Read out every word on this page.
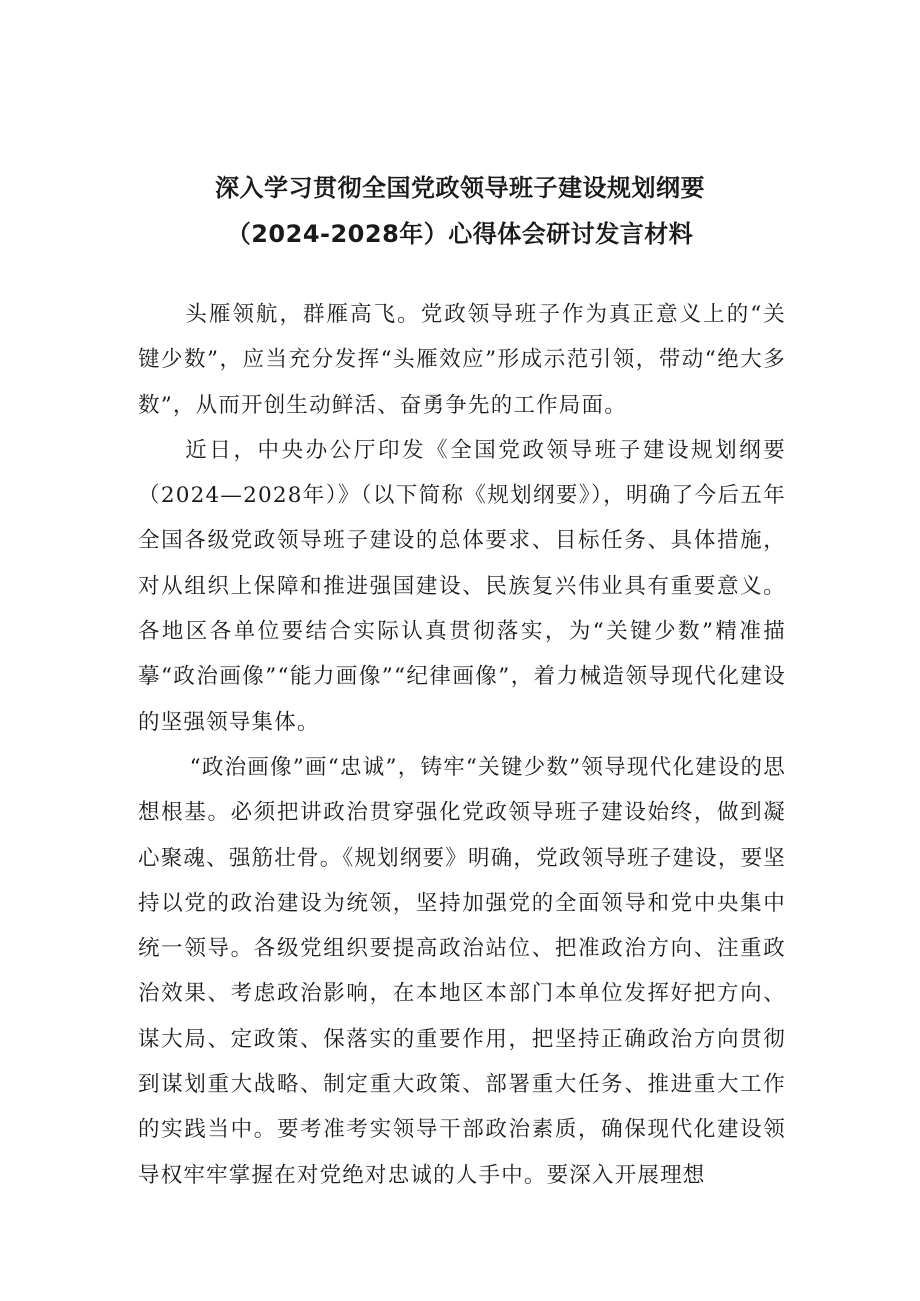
深入学习贯彻全国党政领导班子建设规划纲要
（2024-2028年）心得体会研讨发言材料

头雁领航，群雁高飞。党政领导班子作为真正意义上的“关键少数”，应当充分发挥“头雁效应”形成示范引领，带动“绝大多数”，从而开创生动鲜活、奋勇争先的工作局面。

近日，中央办公厅印发《全国党政领导班子建设规划纲要（2024—2028年）》（以下简称《规划纲要》），明确了今后五年全国各级党政领导班子建设的总体要求、目标任务、具体措施，对从组织上保障和推进强国建设、民族复兴伟业具有重要意义。各地区各单位要结合实际认真贯彻落实，为“关键少数”精准描摹“政治画像”“能力画像”“纪律画像”，着力械造领导现代化建设的坚强领导集体。

“政治画像”画“忠诚”，铸牢“关键少数”领导现代化建设的思想根基。必须把讲政治贯穿强化党政领导班子建设始终，做到凝心聚魂、强筋壮骨。《规划纲要》明确，党政领导班子建设，要坚持以党的政治建设为统领，坚持加强党的全面领导和党中央集中统一领导。各级党组织要提高政治站位、把准政治方向、注重政治效果、考虑政治影响，在本地区本部门本单位发挥好把方向、谋大局、定政策、保落实的重要作用，把坚持正确政治方向贯彻到谋划重大战略、制定重大政策、部署重大任务、推进重大工作的实践当中。要考准考实领导干部政治素质，确保现代化建设领导权牢牢掌握在对党绝对忠诚的人手中。要深入开展理想
